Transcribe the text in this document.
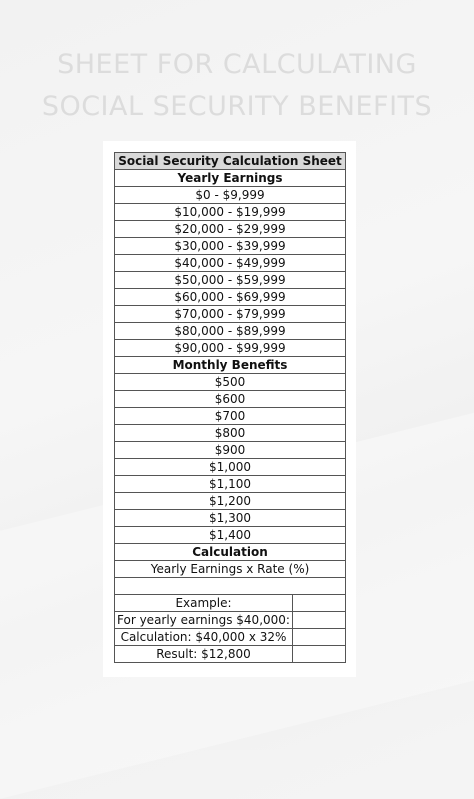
SHEET FOR CALCULATING
SOCIAL SECURITY BENEFITS
Social Security Calculation Sheet	
Yearly Earnings	
$0 - $9,999	
$10,000 - $19,999	
$20,000 - $29,999	
$30,000 - $39,999	
$40,000 - $49,999	
$50,000 - $59,999	
$60,000 - $69,999	
$70,000 - $79,999	
$80,000 - $89,999	
$90,000 - $99,999	
Monthly Benefits	
$500	
$600	
$700	
$800	
$900	
$1,000	
$1,100	
$1,200	
$1,300	
$1,400	
Calculation	
Yearly Earnings x Rate (%)	

Example:	
For yearly earnings $40,000:	
Calculation: $40,000 x 32%	
Result: $12,800	
